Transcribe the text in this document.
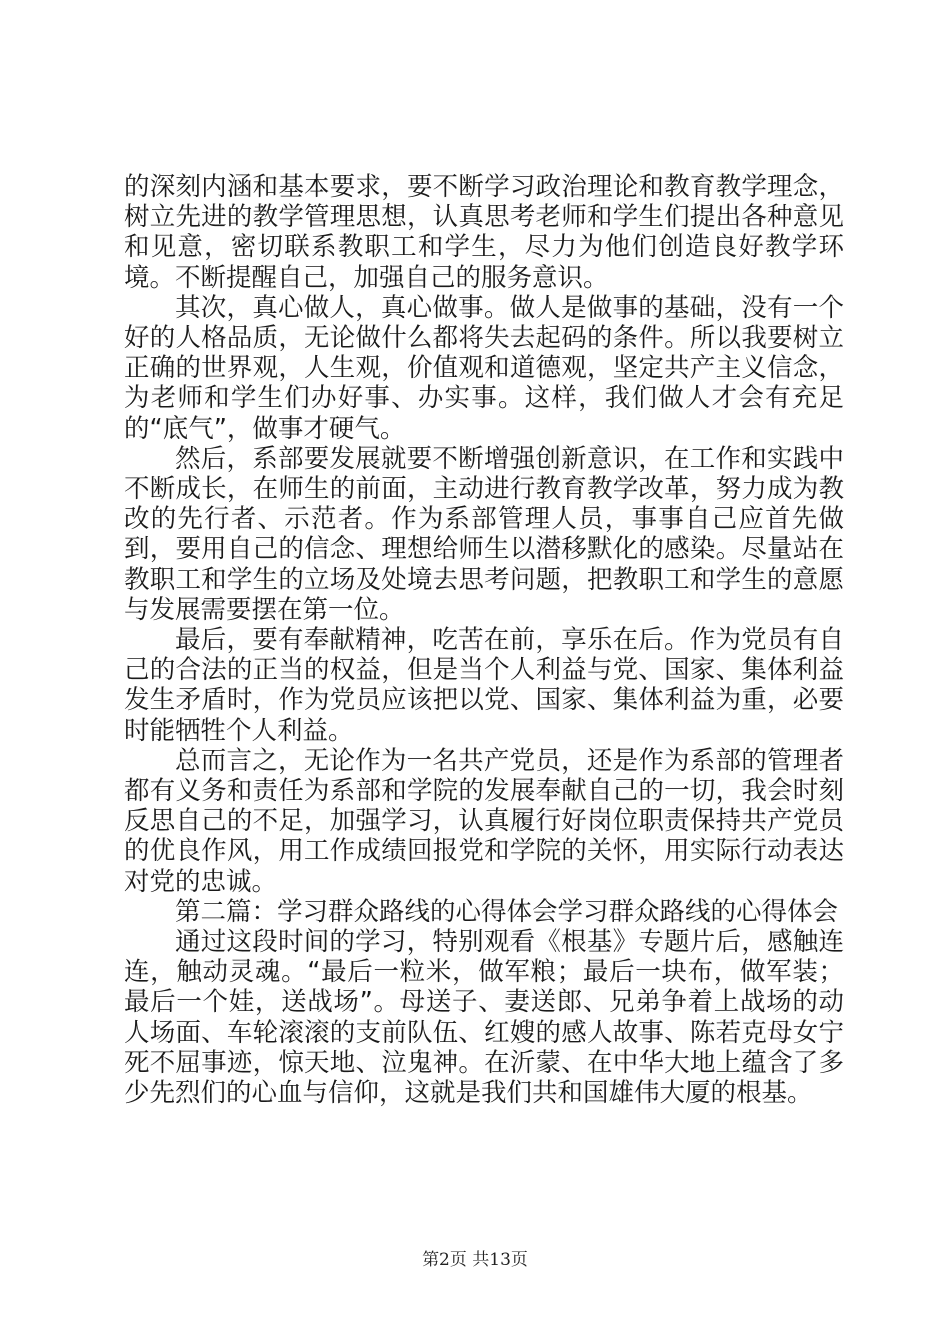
的深刻内涵和基本要求，要不断学习政治理论和教育教学理念，树立先进的教学管理思想，认真思考老师和学生们提出各种意见和见意，密切联系教职工和学生，尽力为他们创造良好教学环境。不断提醒自己，加强自己的服务意识。

其次，真心做人，真心做事。做人是做事的基础，没有一个好的人格品质，无论做什么都将失去起码的条件。所以我要树立正确的世界观，人生观，价值观和道德观，坚定共产主义信念，为老师和学生们办好事、办实事。这样，我们做人才会有充足的“底气”，做事才硬气。

然后，系部要发展就要不断增强创新意识，在工作和实践中不断成长，在师生的前面，主动进行教育教学改革，努力成为教改的先行者、示范者。作为系部管理人员，事事自己应首先做到，要用自己的信念、理想给师生以潜移默化的感染。尽量站在教职工和学生的立场及处境去思考问题，把教职工和学生的意愿与发展需要摆在第一位。

最后，要有奉献精神，吃苦在前，享乐在后。作为党员有自己的合法的正当的权益，但是当个人利益与党、国家、集体利益发生矛盾时，作为党员应该把以党、国家、集体利益为重，必要时能牺牲个人利益。

总而言之，无论作为一名共产党员，还是作为系部的管理者都有义务和责任为系部和学院的发展奉献自己的一切，我会时刻反思自己的不足，加强学习，认真履行好岗位职责保持共产党员的优良作风，用工作成绩回报党和学院的关怀，用实际行动表达对党的忠诚。

第二篇：学习群众路线的心得体会学习群众路线的心得体会

通过这段时间的学习，特别观看《根基》专题片后，感触连连，触动灵魂。“最后一粒米，做军粮；最后一块布，做军装；最后一个娃，送战场”。母送子、妻送郎、兄弟争着上战场的动人场面、车轮滚滚的支前队伍、红嫂的感人故事、陈若克母女宁死不屈事迹，惊天地、泣鬼神。在沂蒙、在中华大地上蕴含了多少先烈们的心血与信仰，这就是我们共和国雄伟大厦的根基。

第2页 共13页
